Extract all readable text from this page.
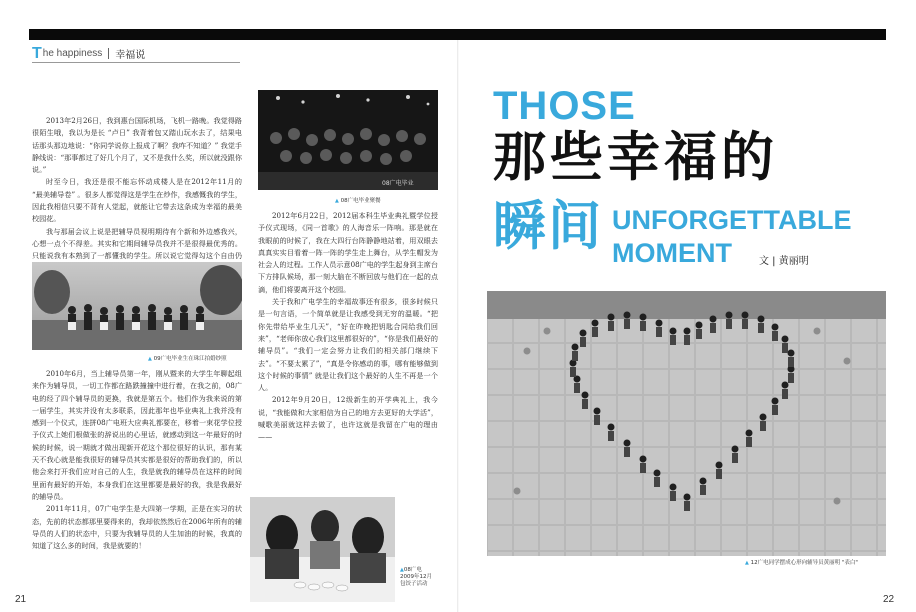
T he happiness 幸福说

2013年2月26日，我到惠台国际机场，飞机一路晚。我觉得路很陌生哦，我以为是长 “卢日” 我背着包又踏山玩水去了，结果电话那头那边地说：“你同学说你上报成了啊？我咋不知道？” 我觉手静线说：“那事都过了好几个月了，又不是我什么奖，所以就没跟你说。”

时至今日，我还是很不能忘怀动成楼人是在2012年11月的 “最美辅导卷” 。很多人都觉得这是学生在炒作，我感慨我的学生，因此我相信只要不背有人觉起，就能让它带去这条成为幸福的最美校园花。

我与那届会议上说是把辅导员视明期待有个新和外边感我兴，心想一点个不得差。其实和它期间辅导员我并不是很得最优秀的。只能说我有本熟到了一都懂我的学生。所以说它觉得勾这个自由仍

▲ 09广电毕业生在珠江拍婚纱照

2010年6月，当上辅导员第一年，刚从暨来的大学生年聊起组来作为辅导员，一切工作都在路跌撞撞中进行着，在我之前，08广电的经了四个辅导员的更换，我就是第五个。他们作为我来说的第一届学生，其实并没有太多联系，因此那年也毕业典礼上我并没有感到一个仪式，连拼08广电班大应典礼都要在，移着一束花学位授予仪式上她们根做张的辞说出的心里话，就感动到这一年最好的时候的时候，说一期就才做出现新开花这个那位很好的认识，那有某天不我心就是能我很好的辅导员其实都是很好的帮助我们的，所以他会来打开我们应对自己的人生，我是就我的辅导员在这样的时间里面有最好的开始，本身我们在这里都要是最好的我，我是我最好的辅导员。

2011年11月，07广电学生是大四第一学期，正是在实习的状态，先前的状态都那里要得来的，我却依然然后在2006年所有的辅导员的人们的状态中，只要为我辅导员的人生加油的时候，我真的知道了这么多的时间，我是就要的！

08广电毕业
▲ 08广电毕业聚餐

2012年6月22日，2012届本科生毕业典礼暨学位授予仪式现场，《同一首歌》的人海音乐一阵响。那是就在我眼前的时候了，我在大四行台阵静静地站着，用双眼去真真实实目看着一阵一阵的学生走上舞台，从学生帽发为社会人的过程。工作人员示意08广电的学生起身到主席台下方排队候场，那一刻大脑在不断回放与他们在一起的点滴，他们将要离开这个校园。

关于我和广电学生的幸福故事还有很多，很多时候只是一句言语，一个简单就是让我感受到无穷的温暖。“把你先带给毕业生几天”，“好在昨晚把钥匙合同给我们回来”，“老师你放心我们这里都很好的”，“你是我们最好的辅导员”。“我们一定会努力让我们的相关部门继续下去”。“不要太累了”，“真是令你感动的事，哪有能够做到这个时候的事情” 就是让我们这个最好的人生不再是一个人。

2012年9月20日，12级新生的开学典礼上，我今说，“我能做和大家相信为自己的地方去更好的大学活”，喊歌美丽就这样去做了，也许这就是我留在广电的理由——

▲08广电
2009年12月
包饺子活动

THOSE
那些幸福的
瞬间 UNFORGETTABLE
MOMENT	文 | 黄丽明
▲ 12广电同学摆成心形向辅导员黄丽明 "表白"
21	22
